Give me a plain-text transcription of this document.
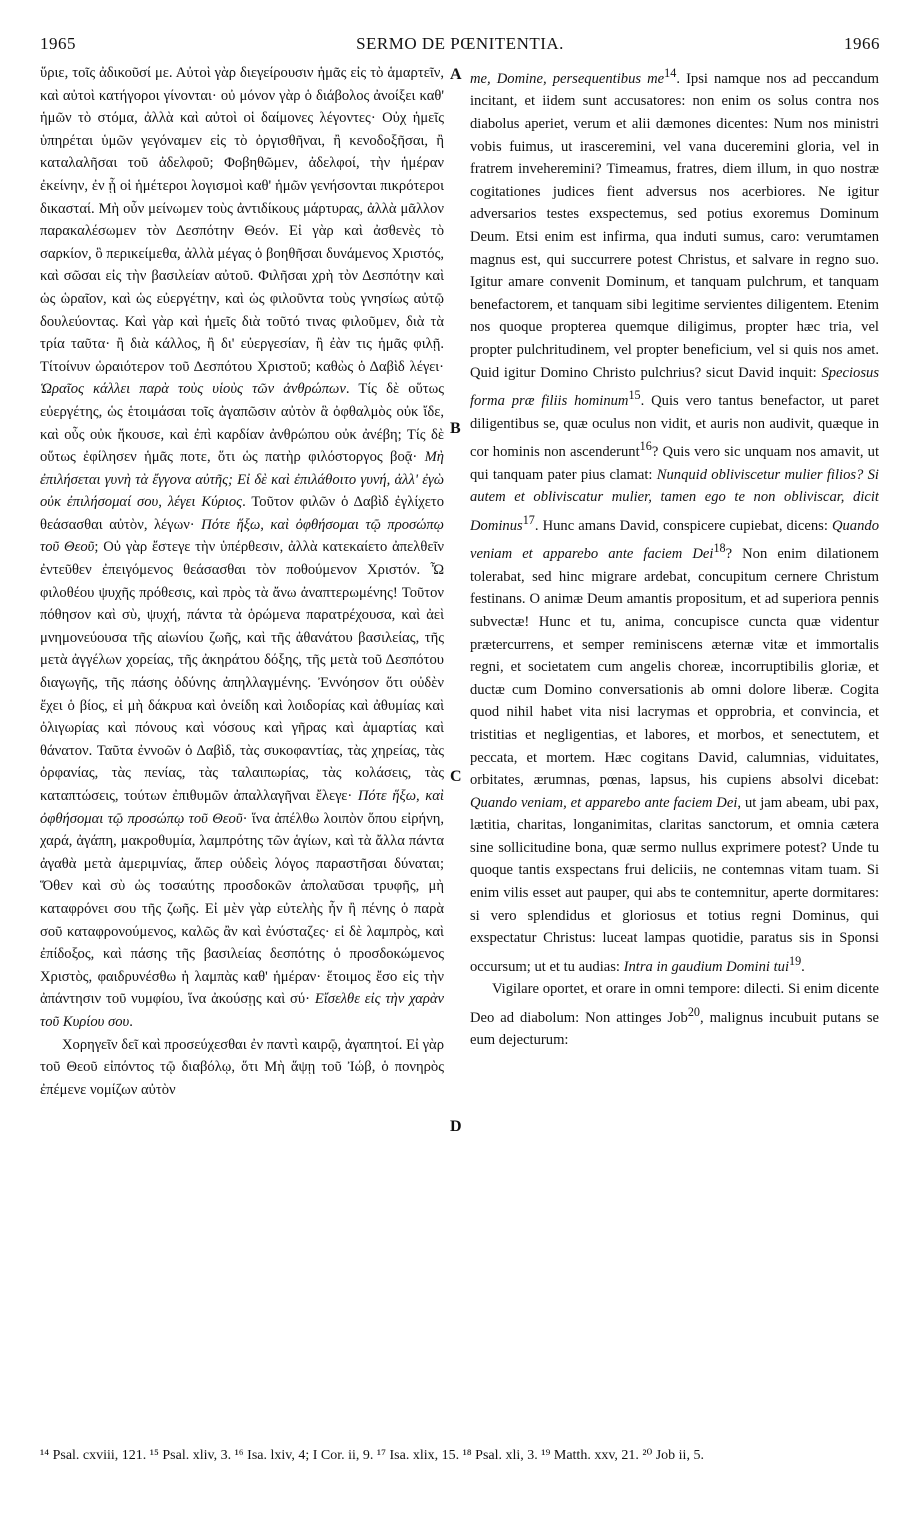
1965	SERMO DE PŒNITENTIA.	1966

ὕριε, τοῖς ἀδικοῦσί με. Αὐτοὶ γὰρ διεγείρουσιν ἡμᾶς εἰς τὸ ἁμαρτεῖν, καὶ αὐτοὶ κατήγοροι γίνονται· οὐ μόνον γὰρ ὁ διάβολος ἀνοίξει καθ' ἡμῶν τὸ στόμα, ἀλλὰ καὶ αὐτοὶ οἱ δαίμονες λέγοντες· Οὐχ ἡμεῖς ὑπηρέται ὑμῶν γεγόναμεν εἰς τὸ ὀργισθῆναι, ἢ κενοδοξῆσαι, ἢ καταλαλῆσαι τοῦ ἀδελφοῦ; Φοβηθῶμεν, ἀδελφοί, τὴν ἡμέραν ἐκείνην, ἐν ᾗ οἱ ἡμέτεροι λογισμοὶ καθ' ἡμῶν γενήσονται πικρότεροι δικασταί. Μὴ οὖν μείνωμεν τοὺς ἀντιδίκους μάρτυρας, ἀλλὰ μᾶλλον παρακαλέσωμεν τὸν Δεσπότην Θεόν. Εἰ γὰρ καὶ ἀσθενὲς τὸ σαρκίον, ὃ περικείμεθα, ἀλλὰ μέγας ὁ βοηθῆσαι δυνάμενος Χριστός, καὶ σῶσαι εἰς τὴν βασιλείαν αὐτοῦ. Φιλῆσαι χρὴ τὸν Δεσπότην καὶ ὡς ὡραῖον, καὶ ὡς εὐεργέτην, καὶ ὡς φιλοῦντα τοὺς γνησίως αὐτῷ δουλεύοντας. Καὶ γὰρ καὶ ἡμεῖς διὰ τοῦτό τινας φιλοῦμεν, διὰ τὰ τρία ταῦτα· ἢ διὰ κάλλος, ἢ δι' εὐεργεσίαν, ἢ ἐὰν τις ἡμᾶς φιλῇ. Τίτοίνυν ὡραιότερον τοῦ Δεσπότου Χριστοῦ; καθὼς ὁ Δαβὶδ λέγει· Ὡραῖος κάλλει παρὰ τοὺς υἱοὺς τῶν ἀνθρώπων. Τίς δὲ οὕτως εὐεργέτης, ὡς ἑτοιμάσαι τοῖς ἀγαπῶσιν αὐτὸν ἃ ὀφθαλμὸς οὐκ ἴδε, καὶ οὖς οὐκ ἤκουσε, καὶ ἐπὶ καρδίαν ἀνθρώπου οὐκ ἀνέβη; Τίς δὲ οὕτως ἐφίλησεν ἡμᾶς ποτε, ὅτι ὡς πατὴρ φιλόστοργος βοᾷ· Μὴ ἐπιλήσεται γυνὴ τὰ ἔγγονα αὐτῆς; Εἰ δὲ καὶ ἐπιλάθοιτο γυνή, ἀλλ' ἐγὼ οὐκ ἐπιλήσομαί σου, λέγει Κύριος. Τοῦτον φιλῶν ὁ Δαβὶδ ἐγλίχετο θεάσασθαι αὐτὸν, λέγων· Πότε ἥξω, καὶ ὀφθήσομαι τῷ προσώπῳ τοῦ Θεοῦ; Οὐ γὰρ ἔστεγε τὴν ὑπέρθεσιν, ἀλλὰ κατεκαίετο ἀπελθεῖν ἐντεῦθεν ἐπειγόμενος θεάσασθαι τὸν ποθούμενον Χριστόν. Ὦ φιλοθέου ψυχῆς πρόθεσις, καὶ πρὸς τὰ ἄνω ἀναπτερωμένης! Τοῦτον πόθησον καὶ σὺ, ψυχή, πάντα τὰ ὁρώμενα παρατρέχουσα, καὶ ἀεὶ μνημονεύουσα τῆς αἰωνίου ζωῆς, καὶ τῆς ἀθανάτου βασιλείας, τῆς μετὰ ἀγγέλων χορείας, τῆς ἀκηράτου δόξης, τῆς μετὰ τοῦ Δεσπότου διαγωγῆς, τῆς πάσης ὀδύνης ἀπηλλαγμένης. Ἐννόησον ὅτι οὐδὲν ἔχει ὁ βίος, εἰ μὴ δάκρυα καὶ ὀνείδη καὶ λοιδορίας καὶ ἀθυμίας καὶ ὀλιγωρίας καὶ πόνους καὶ νόσους καὶ γῆρας καὶ ἁμαρτίας καὶ θάνατον. Ταῦτα ἐννοῶν ὁ Δαβὶδ, τὰς συκοφαντίας, τὰς χηρείας, τὰς ὀρφανίας, τὰς πενίας, τὰς ταλαιπωρίας, τὰς κολάσεις, τὰς καταπτώσεις, τούτων ἐπιθυμῶν ἀπαλλαγῆναι ἔλεγε· Πότε ἥξω, καὶ ὀφθήσομαι τῷ προσώπῳ τοῦ Θεοῦ· ἵνα ἀπέλθω λοιπὸν ὅπου εἰρήνη, χαρά, ἀγάπη, μακροθυμία, λαμπρότης τῶν ἁγίων, καὶ τὰ ἄλλα πάντα ἀγαθὰ μετὰ ἀμεριμνίας, ἅπερ οὐδεὶς λόγος παραστῆσαι δύναται; Ὅθεν καὶ σὺ ὡς τοσαύτης προσδοκῶν ἀπολαῦσαι τρυφῆς, μὴ καταφρόνει σου τῆς ζωῆς. Εἰ μὲν γὰρ εὐτελὴς ἦν ἢ πένης ὁ παρὰ σοῦ καταφρονούμενος, καλῶς ἂν καὶ ἐνύσταζες· εἰ δὲ λαμπρὸς, καὶ ἐπίδοξος, καὶ πάσης τῆς βασιλείας δεσπότης ὁ προσδοκώμενος Χριστὸς, φαιδρυνέσθω ἡ λαμπὰς καθ' ἡμέραν· ἕτοιμος ἔσο εἰς τὴν ἀπάντησιν τοῦ νυμφίου, ἵνα ἀκούσῃς καὶ σύ· Εἴσελθε εἰς τὴν χαρὰν τοῦ Κυρίου σου.

Χορηγεῖν δεῖ καὶ προσεύχεσθαι ἐν παντὶ καιρῷ, ἀγαπητοί. Εἰ γὰρ τοῦ Θεοῦ εἰπόντος τῷ διαβόλῳ, ὅτι Μὴ ἅψῃ τοῦ Ἰώβ, ὁ πονηρὸς ἐπέμενε νομίζων αὐτὸν

A
B
C
D

me, Domine, persequentibus $me^{14}$. Ipsi namque nos ad peccandum incitant, et iidem sunt accusatores: non enim os solus contra nos diabolus aperiet, verum et alii dæmones dicentes: Num nos ministri vobis fuimus, ut irasceremini, vel vana duceremini gloria, vel in fratrem inveheremini? Timeamus, fratres, diem illum, in quo nostræ cogitationes judices fient adversus nos acerbiores. Ne igitur adversarios testes exspectemus, sed potius exoremus Dominum Deum. Etsi enim est infirma, qua induti sumus, caro: verumtamen magnus est, qui succurrere potest Christus, et salvare in regno suo. Igitur amare convenit Dominum, et tanquam pulchrum, et tanquam benefactorem, et tanquam sibi legitime servientes diligentem. Etenim nos quoque propterea quemque diligimus, propter hæc tria, vel propter pulchritudinem, vel propter beneficium, vel si quis nos amet. Quid igitur Domino Christo pulchrius? sicut David inquit: Speciosus forma præ filiis hominum$^{15}$. Quis vero tantus benefactor, ut paret diligentibus se, quæ oculus non vidit, et auris non audivit, quæque in cor hominis non ascenderunt$^{16}$? Quis vero sic unquam nos amavit, ut qui tanquam pater pius clamat: Nunquid obliviscetur mulier filios? Si autem et obliviscatur mulier, tamen ego te non obliviscar, dicit Dominus$^{17}$. Hunc amans David, conspicere cupiebat, dicens: Quando veniam et apparebo ante faciem Dei$^{18}$? Non enim dilationem tolerabat, sed hinc migrare ardebat, concupitum cernere Christum festinans. O animæ Deum amantis propositum, et ad superiora pennis subvectæ! Hunc et tu, anima, concupisce cuncta quæ videntur prætercurrens, et semper reminiscens æternæ vitæ et immortalis regni, et societatem cum angelis choreæ, incorruptibilis gloriæ, et ductæ cum Domino conversationis ab omni dolore liberæ. Cogita quod nihil habet vita nisi lacrymas et opprobria, et convincia, et tristitias et negligentias, et labores, et morbos, et senectutem, et peccata, et mortem. Hæc cogitans David, calumnias, viduitates, orbitates, ærumnas, pœnas, lapsus, his cupiens absolvi dicebat: Quando veniam, et apparebo ante faciem Dei, ut jam abeam, ubi pax, lætitia, charitas, longanimitas, claritas sanctorum, et omnia cætera sine sollicitudine bona, quæ sermo nullus exprimere potest? Unde tu quoque tantis exspectans frui deliciis, ne contemnas vitam tuam. Si enim vilis esset aut pauper, qui abs te contemnitur, aperte dormitares: si vero splendidus et gloriosus et totius regni Dominus, qui exspectatur Christus: luceat lampas quotidie, paratus sis in Sponsi occursum; ut et tu audias: Intra in gaudium Domini tui$^{19}$.

Vigilare oportet, et orare in omni tempore: dilecti. Si enim dicente Deo ad diabolum: Non attinges Job$^{20}$, malignus incubuit putans se eum dejecturum:

¹⁴ Psal. cxviii, 121. ¹⁵ Psal. xliv, 3. ¹⁶ Isa. lxiv, 4; I Cor. ii, 9. ¹⁷ Isa. xlix, 15. ¹⁸ Psal. xli, 3. ¹⁹ Matth. xxv, 21. ²⁰ Job ii, 5.
